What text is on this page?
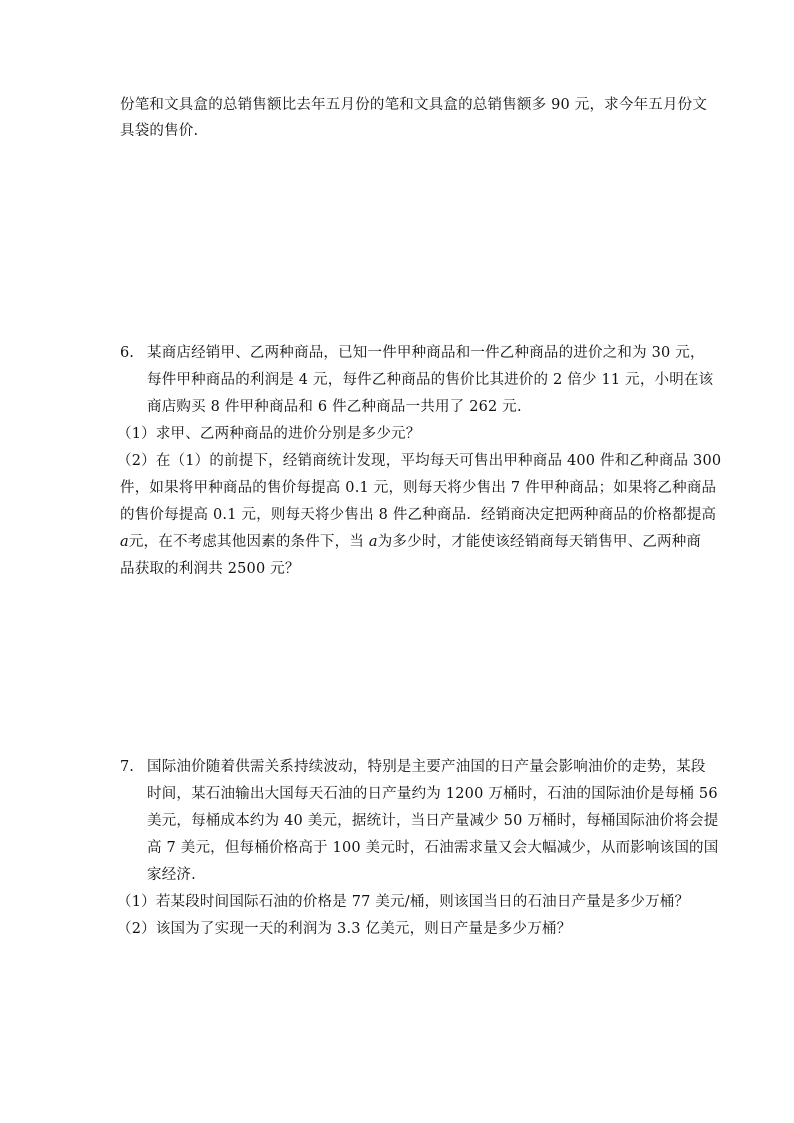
份笔和文具盒的总销售额比去年五月份的笔和文具盒的总销售额多 90 元，求今年五月份文
具袋的售价.
6. 某商店经销甲、乙两种商品，已知一件甲种商品和一件乙种商品的进价之和为 30 元，
每件甲种商品的利润是 4 元，每件乙种商品的售价比其进价的 2 倍少 11 元，小明在该
商店购买 8 件甲种商品和 6 件乙种商品一共用了 262 元.
（1）求甲、乙两种商品的进价分别是多少元？
（2）在（1）的前提下，经销商统计发现，平均每天可售出甲种商品 400 件和乙种商品 300
件，如果将甲种商品的售价每提高 0.1 元，则每天将少售出 7 件甲种商品；如果将乙种商品
的售价每提高 0.1 元，则每天将少售出 8 件乙种商品．经销商决定把两种商品的价格都提高
a元，在不考虑其他因素的条件下，当 a为多少时，才能使该经销商每天销售甲、乙两种商
品获取的利润共 2500 元？
7. 国际油价随着供需关系持续波动，特别是主要产油国的日产量会影响油价的走势，某段
时间，某石油输出大国每天石油的日产量约为 1200 万桶时，石油的国际油价是每桶 56
美元，每桶成本约为 40 美元，据统计，当日产量减少 50 万桶时，每桶国际油价将会提
高 7 美元，但每桶价格高于 100 美元时，石油需求量又会大幅减少，从而影响该国的国
家经济.
（1）若某段时间国际石油的价格是 77 美元/桶，则该国当日的石油日产量是多少万桶？
（2）该国为了实现一天的利润为 3.3 亿美元，则日产量是多少万桶？
